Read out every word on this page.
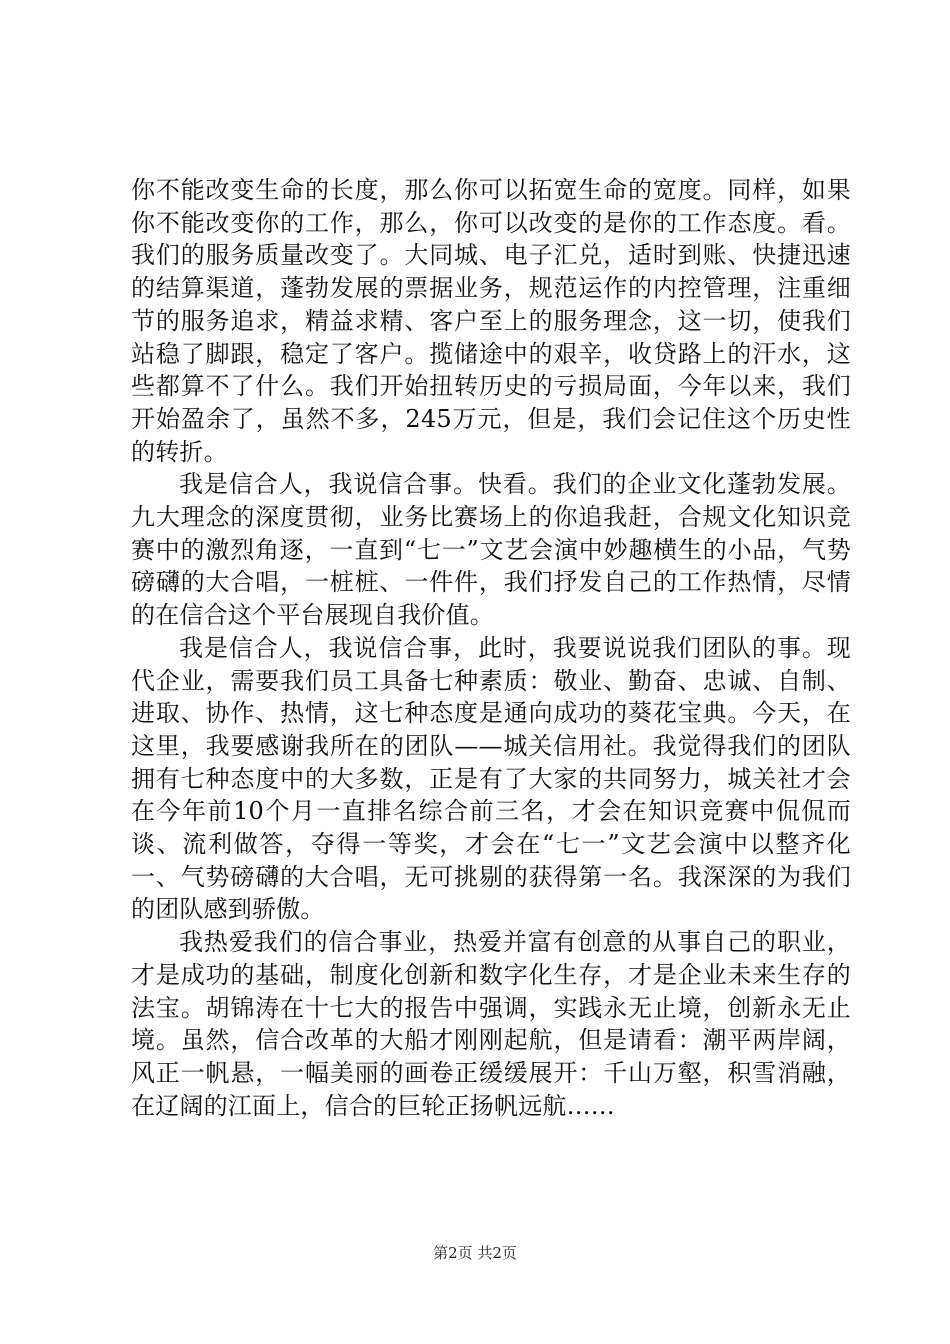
你不能改变生命的长度，那么你可以拓宽生命的宽度。同样，如果你不能改变你的工作，那么，你可以改变的是你的工作态度。看。我们的服务质量改变了。大同城、电子汇兑，适时到账、快捷迅速的结算渠道，蓬勃发展的票据业务，规范运作的内控管理，注重细节的服务追求，精益求精、客户至上的服务理念，这一切，使我们站稳了脚跟，稳定了客户。揽储途中的艰辛，收贷路上的汗水，这些都算不了什么。我们开始扭转历史的亏损局面，今年以来，我们开始盈余了，虽然不多，245万元，但是，我们会记住这个历史性的转折。

我是信合人，我说信合事。快看。我们的企业文化蓬勃发展。九大理念的深度贯彻，业务比赛场上的你追我赶，合规文化知识竞赛中的激烈角逐，一直到“七一”文艺会演中妙趣横生的小品，气势磅礴的大合唱，一桩桩、一件件，我们抒发自己的工作热情，尽情的在信合这个平台展现自我价值。

我是信合人，我说信合事，此时，我要说说我们团队的事。现代企业，需要我们员工具备七种素质：敬业、勤奋、忠诚、自制、进取、协作、热情，这七种态度是通向成功的葵花宝典。今天，在这里，我要感谢我所在的团队——城关信用社。我觉得我们的团队拥有七种态度中的大多数，正是有了大家的共同努力，城关社才会在今年前10个月一直排名综合前三名，才会在知识竞赛中侃侃而谈、流利做答，夺得一等奖，才会在“七一”文艺会演中以整齐化一、气势磅礴的大合唱，无可挑剔的获得第一名。我深深的为我们的团队感到骄傲。

我热爱我们的信合事业，热爱并富有创意的从事自己的职业，才是成功的基础，制度化创新和数字化生存，才是企业未来生存的法宝。胡锦涛在十七大的报告中强调，实践永无止境，创新永无止境。虽然，信合改革的大船才刚刚起航，但是请看：潮平两岸阔，风正一帆悬，一幅美丽的画卷正缓缓展开：千山万壑，积雪消融，在辽阔的江面上，信合的巨轮正扬帆远航……

第2页 共2页
